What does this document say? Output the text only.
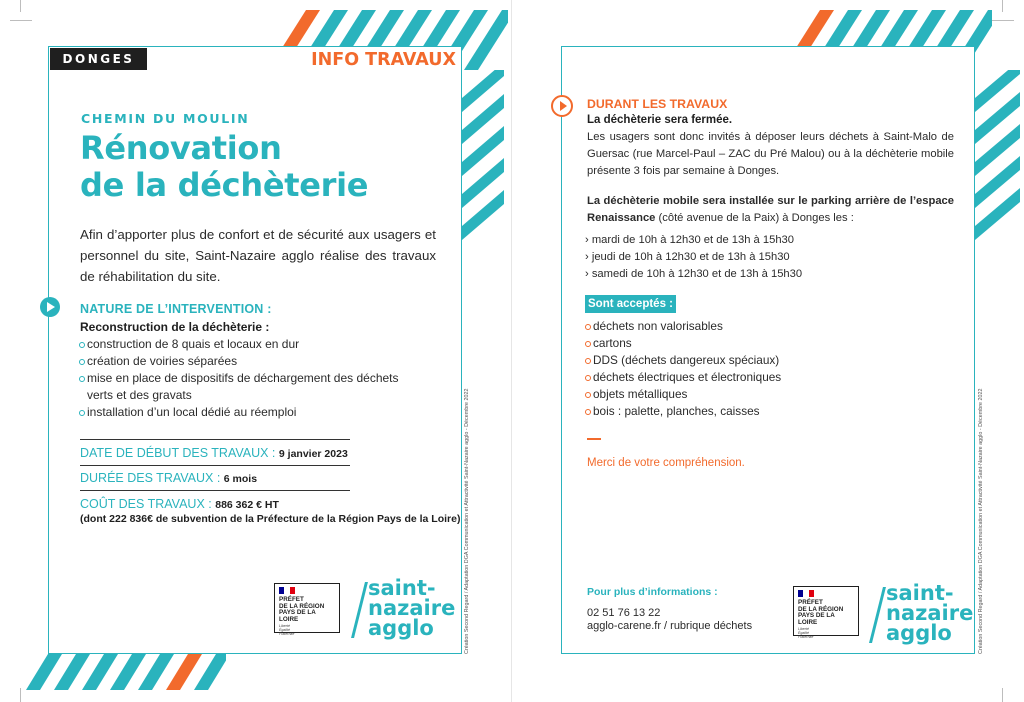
DONGES	INFO TRAVAUX
CHEMIN DU MOULIN
Rénovation
de la déchèterie

Afin d’apporter plus de confort et de sécurité aux usagers et personnel du site, Saint-Nazaire agglo réalise des travaux de réhabilitation du site.

NATURE DE L’INTERVENTION :
Reconstruction de la déchèterie :
construction de 8 quais et locaux en dur
création de voiries séparées
mise en place de dispositifs de déchargement des déchets verts et des gravats
installation d’un local dédié au réemploi
DATE DE DÉBUT DES TRAVAUX : 9 janvier 2023
DURÉE DES TRAVAUX : 6 mois
COÛT DES TRAVAUX : 886 362 € HT
(dont 222 836€ de subvention de la Préfecture de la Région Pays de la Loire) Création Second Regard / Adaptation DGA Communication et Attractivité Saint-Nazaire agglo - Décembre 2022
PRÉFET
DE LA RÉGION
PAYS DE LA LOIRE
Liberté
Égalité
Fraternité
saint-
nazaire
agglo	Création Second Regard / Adaptation DGA Communication et Attractivité Saint-Nazaire agglo - Décembre 2022
DURANT LES TRAVAUX
La déchèterie sera fermée.

Les usagers sont donc invités à déposer leurs déchets à Saint-Malo de Guersac (rue Marcel-Paul – ZAC du Pré Malou) ou à la déchèterie mobile présente 3 fois par semaine à Donges.

La déchèterie mobile sera installée sur le parking arrière de l’espace Renaissance (côté avenue de la Paix) à Donges les :

› mardi de 10h à 12h30 et de 13h à 15h30
› jeudi de 10h à 12h30 et de 13h à 15h30
› samedi de 10h à 12h30 et de 13h à 15h30
Sont acceptés :
déchets non valorisables
cartons
DDS (déchets dangereux spéciaux)
déchets électriques et électroniques
objets métalliques
bois : palette, planches, caisses
Merci de votre compréhension.
Pour plus d’informations :
02 51 76 13 22
agglo-carene.fr / rubrique déchets
PRÉFET
DE LA RÉGION
PAYS DE LA LOIRE
Liberté
Égalité
Fraternité
saint-
nazaire
agglo
